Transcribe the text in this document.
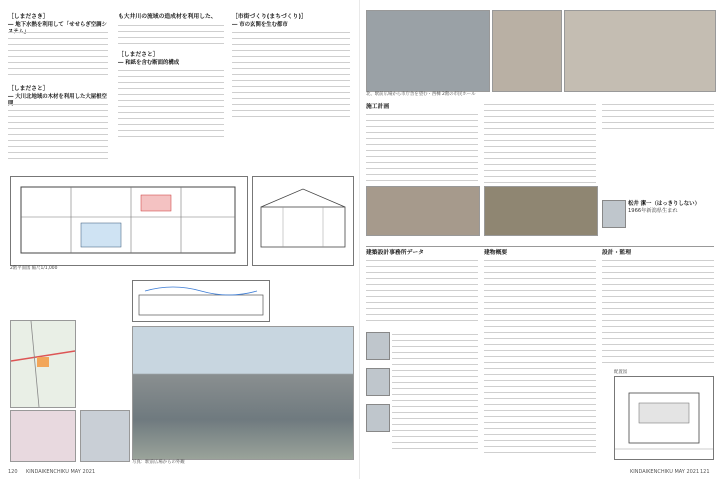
［しまださき］
― 地下水熱を利用して「せせらぎ空調シ
［しまださと］
― 大川北地域の木材を利用した大屋根空
も大井川の流域の造成材を利用した、
［しまださと］
― 和紙を含む断面的構成
［市街づくり(まちづくり)］
― 市の玄関を生む都市
2階平面図 縮尺1/1,000
写真：駅前広場からの外観
120 KINDAIKENCHIKU MAY 2021
北、駅前広場から市庁舎を望む・西棟 2階の市民ホール
施工計画
松井 潔一（はっきりしない）
1966年新潟県生まれ
建築設計事務所データ	建物概要	設計・監理
配置図
KINDAIKENCHIKU MAY 2021 121
